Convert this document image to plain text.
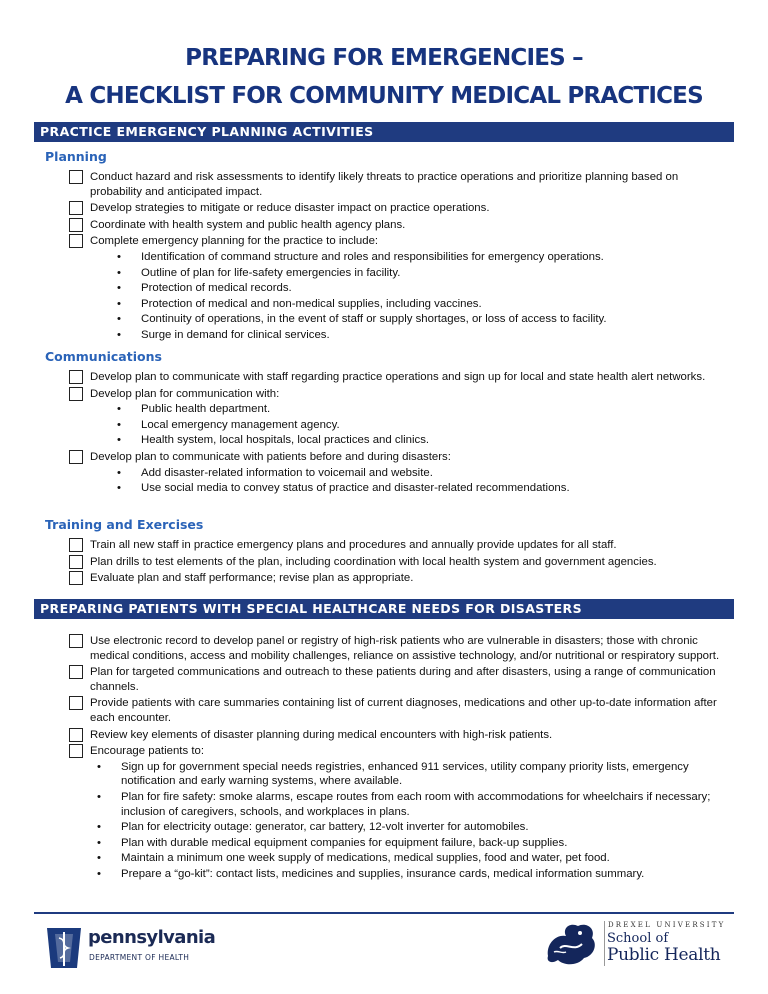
PREPARING FOR EMERGENCIES –
A CHECKLIST FOR COMMUNITY MEDICAL PRACTICES
PRACTICE EMERGENCY PLANNING ACTIVITIES
Planning
Conduct hazard and risk assessments to identify likely threats to practice operations and prioritize planning based on probability and anticipated impact.
Develop strategies to mitigate or reduce disaster impact on practice operations.
Coordinate with health system and public health agency plans.
Complete emergency planning for the practice to include:
• Identification of command structure and roles and responsibilities for emergency operations.
• Outline of plan for life-safety emergencies in facility.
• Protection of medical records.
• Protection of medical and non-medical supplies, including vaccines.
• Continuity of operations, in the event of staff or supply shortages, or loss of access to facility.
• Surge in demand for clinical services.
Communications
Develop plan to communicate with staff regarding practice operations and sign up for local and state health alert networks.
Develop plan for communication with:
• Public health department.
• Local emergency management agency.
• Health system, local hospitals, local practices and clinics.
Develop plan to communicate with patients before and during disasters:
• Add disaster-related information to voicemail and website.
• Use social media to convey status of practice and disaster-related recommendations.
Training and Exercises
Train all new staff in practice emergency plans and procedures and annually provide updates for all staff.
Plan drills to test elements of the plan, including coordination with local health system and government agencies.
Evaluate plan and staff performance; revise plan as appropriate.
PREPARING PATIENTS WITH SPECIAL HEALTHCARE NEEDS FOR DISASTERS
Use electronic record to develop panel or registry of high-risk patients who are vulnerable in disasters; those with chronic medical conditions, access and mobility challenges, reliance on assistive technology, and/or nutritional or respiratory support.
Plan for targeted communications and outreach to these patients during and after disasters, using a range of communication channels.
Provide patients with care summaries containing list of current diagnoses, medications and other up-to-date information after each encounter.
Review key elements of disaster planning during medical encounters with high-risk patients.
Encourage patients to:
• Sign up for government special needs registries, enhanced 911 services, utility company priority lists, emergency notification and early warning systems, where available.
• Plan for fire safety: smoke alarms, escape routes from each room with accommodations for wheelchairs if necessary; inclusion of caregivers, schools, and workplaces in plans.
• Plan for electricity outage: generator, car battery, 12-volt inverter for automobiles.
• Plan with durable medical equipment companies for equipment failure, back-up supplies.
• Maintain a minimum one week supply of medications, medical supplies, food and water, pet food.
• Prepare a “go-kit”: contact lists, medicines and supplies, insurance cards, medical information summary.
pennsylvania
DEPARTMENT OF HEALTH
DREXEL UNIVERSITY
School of
Public Health
